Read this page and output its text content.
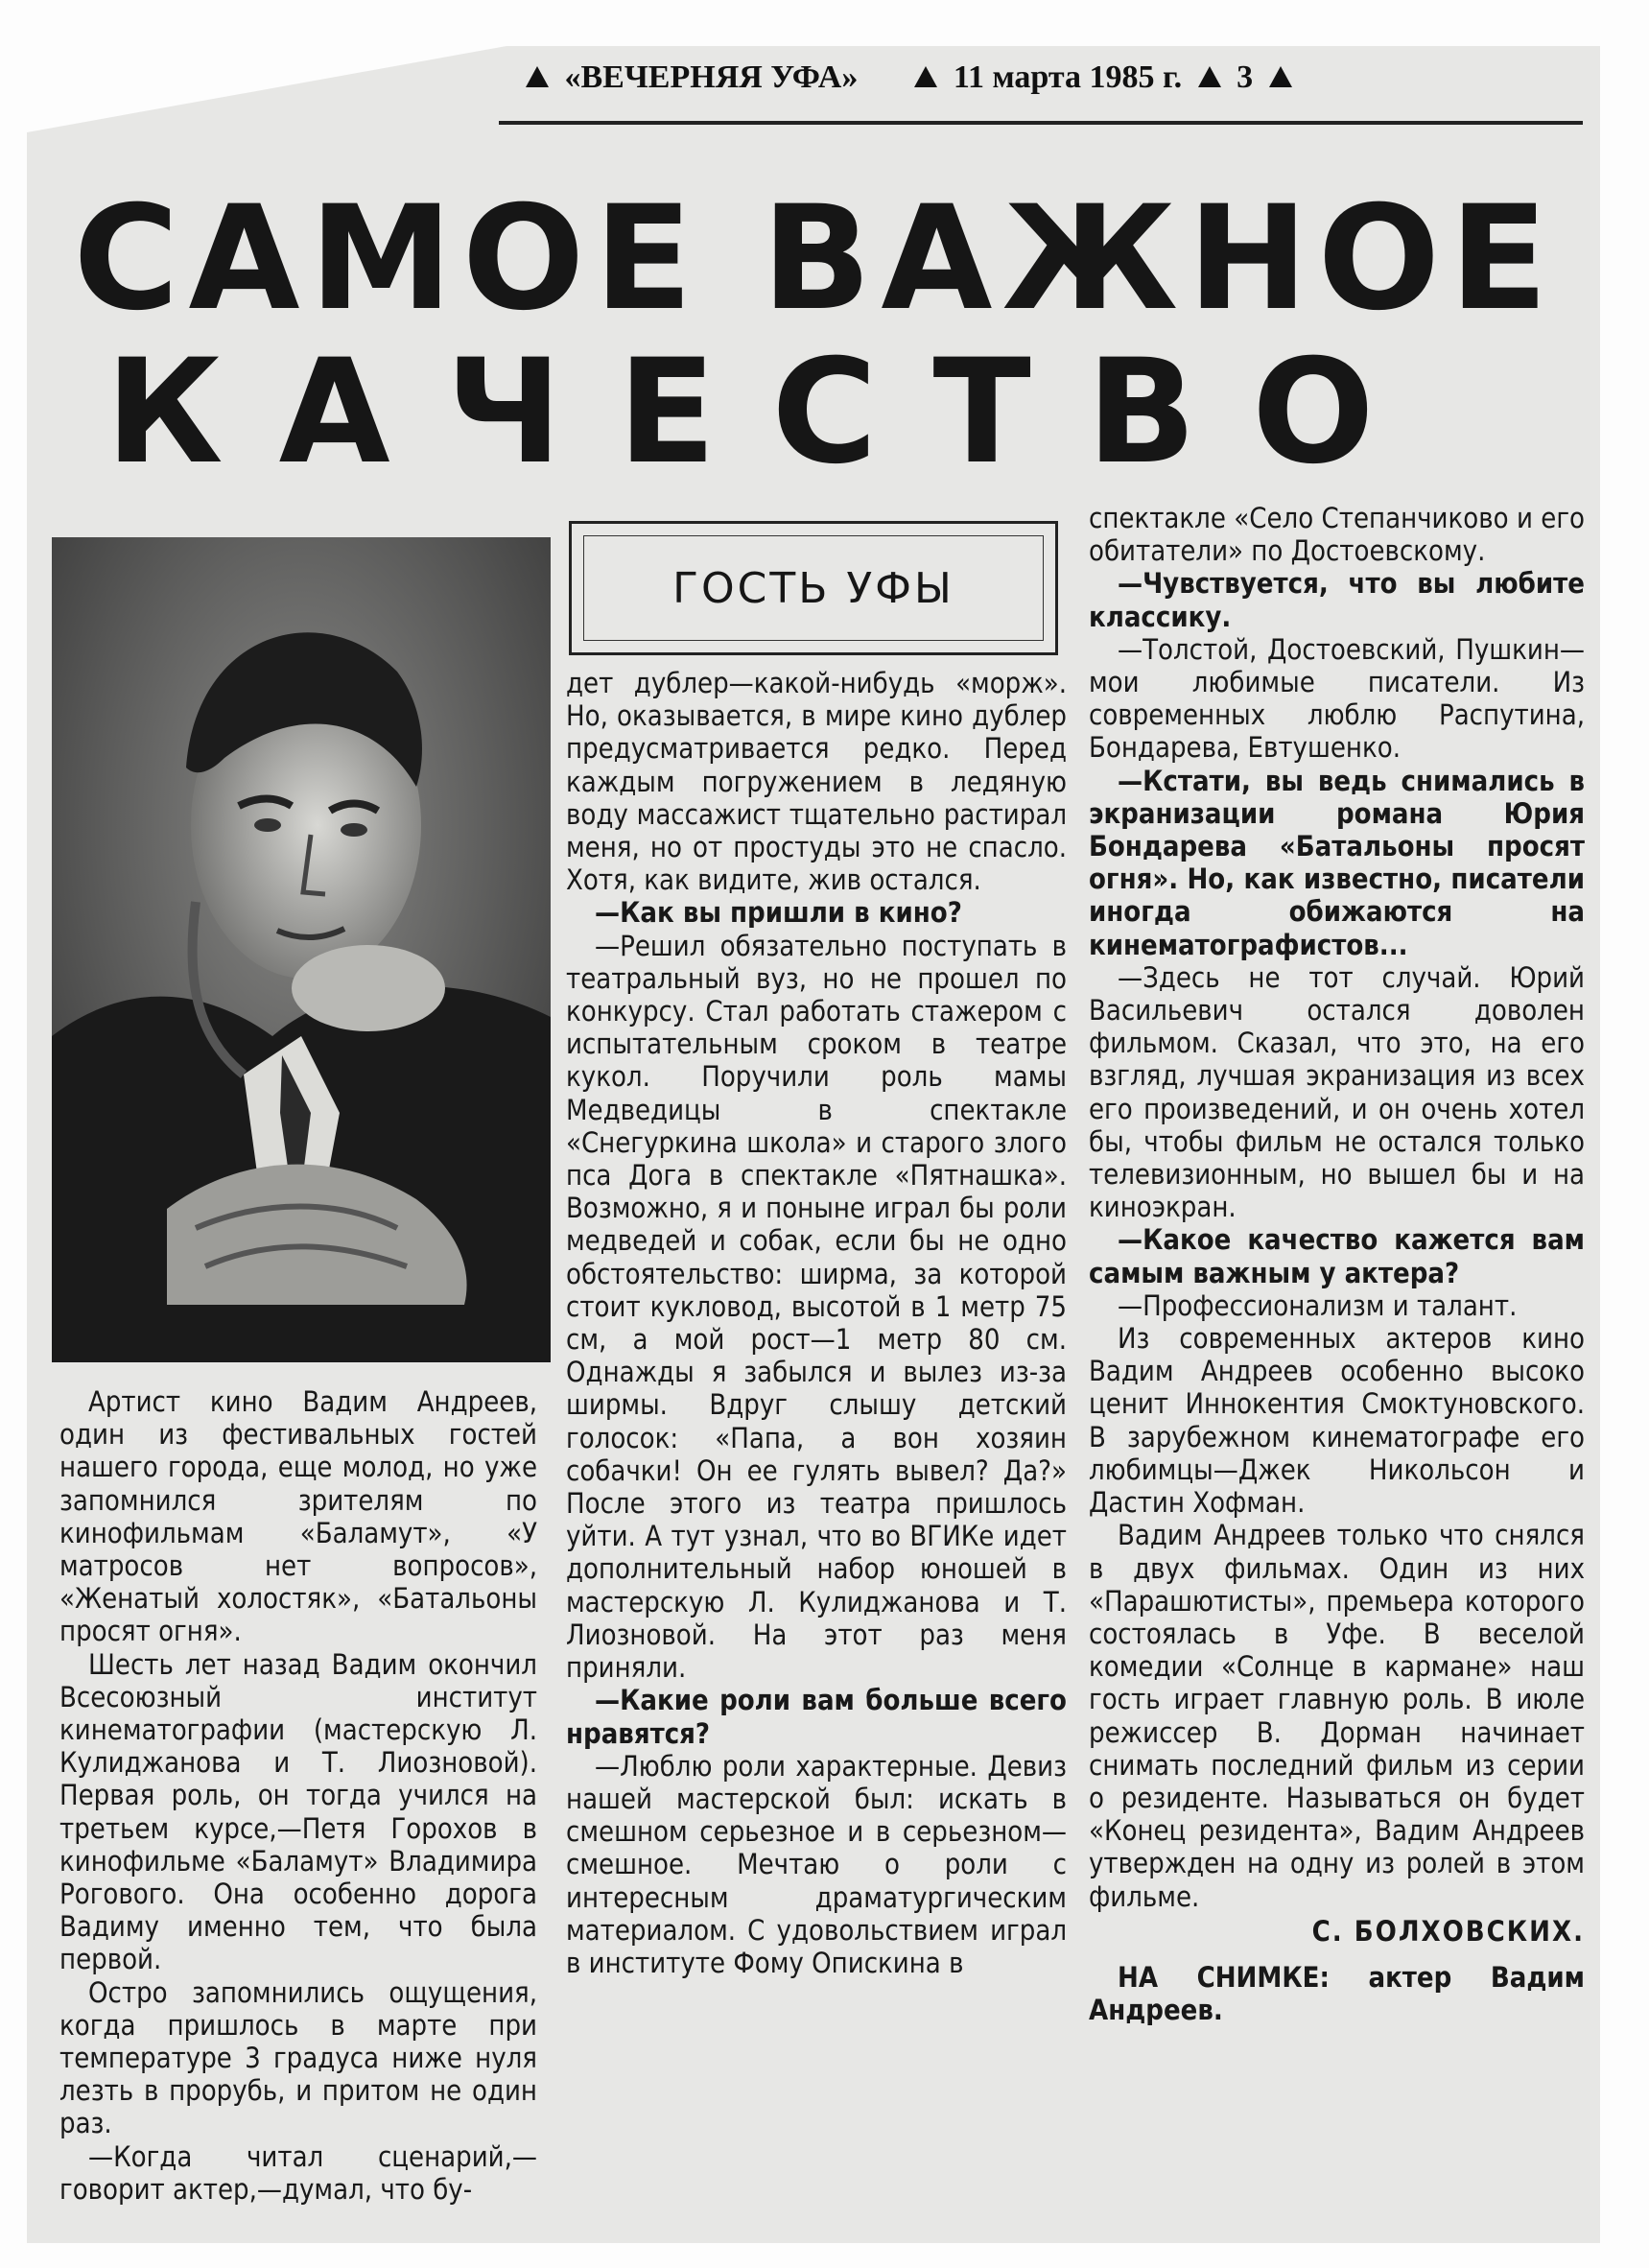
«ВЕЧЕРНЯЯ УФА»	11 марта 1985 г. 3
САМОЕ ВАЖНОЕ
КАЧЕСТВО
ГОСТЬ УФЫ

Артист кино Вадим Андреев, один из фестивальных гостей нашего города, еще молод, но уже запомнился зрителям по кинофильмам «Баламут», «У матросов нет вопросов», «Женатый холостяк», «Батальоны просят огня».

Шесть лет назад Вадим окончил Всесоюзный институт кинематографии (мастерскую Л. Кулиджанова и Т. Лиозновой). Первая роль, он тогда учился на третьем курсе,—Петя Горохов в кинофильме «Баламут» Владимира Рогового. Она особенно дорога Вадиму именно тем, что была первой.

Остро запомнились ощущения, когда пришлось в марте при температуре 3 градуса ниже нуля лезть в прорубь, и притом не один раз.

—Когда читал сценарий,—говорит актер,—думал, что бу-

дет дублер—какой-нибудь «морж». Но, оказывается, в мире кино дублер предусматривается редко. Перед каждым погружением в ледяную воду массажист тщательно растирал меня, но от простуды это не спасло. Хотя, как видите, жив остался.

—Как вы пришли в кино?

—Решил обязательно поступать в театральный вуз, но не прошел по конкурсу. Стал работать стажером с испытательным сроком в театре кукол. Поручили роль мамы Медведицы в спектакле «Снегуркина школа» и старого злого пса Дога в спектакле «Пятнашка». Возможно, я и поныне играл бы роли медведей и собак, если бы не одно обстоятельство: ширма, за которой стоит кукловод, высотой в 1 метр 75 см, а мой рост—1 метр 80 см. Однажды я забылся и вылез из-за ширмы. Вдруг слышу детский голосок: «Папа, а вон хозяин собачки! Он ее гулять вывел? Да?» После этого из театра пришлось уйти. А тут узнал, что во ВГИКе идет дополнительный набор юношей в мастерскую Л. Кулиджанова и Т. Лиозновой. На этот раз меня приняли.

—Какие роли вам больше всего нравятся?

—Люблю роли характерные. Девиз нашей мастерской был: искать в смешном серьезное и в серьезном—смешное. Мечтаю о роли с интересным драматургическим материалом. С удовольствием играл в институте Фому Опискина в

спектакле «Село Степанчиково и его обитатели» по Достоевскому.

—Чувствуется, что вы любите классику.

—Толстой, Достоевский, Пушкин—мои любимые писатели. Из современных люблю Распутина, Бондарева, Евтушенко.

—Кстати, вы ведь снимались в экранизации романа Юрия Бондарева «Батальоны просят огня». Но, как известно, писатели иногда обижаются на кинематографистов...

—Здесь не тот случай. Юрий Васильевич остался доволен фильмом. Сказал, что это, на его взгляд, лучшая экранизация из всех его произведений, и он очень хотел бы, чтобы фильм не остался только телевизионным, но вышел бы и на киноэкран.

—Какое качество кажется вам самым важным у актера?

—Профессионализм и талант.

Из современных актеров кино Вадим Андреев особенно высоко ценит Иннокентия Смоктуновского. В зарубежном кинематографе его любимцы—Джек Никольсон и Дастин Хофман.

Вадим Андреев только что снялся в двух фильмах. Один из них «Парашютисты», премьера которого состоялась в Уфе. В веселой комедии «Солнце в кармане» наш гость играет главную роль. В июле режиссер В. Дорман начинает снимать последний фильм из серии о резиденте. Называться он будет «Конец резидента», Вадим Андреев утвержден на одну из ролей в этом фильме.

С. БОЛХОВСКИХ.

НА СНИМКЕ: актер Вадим Андреев.
